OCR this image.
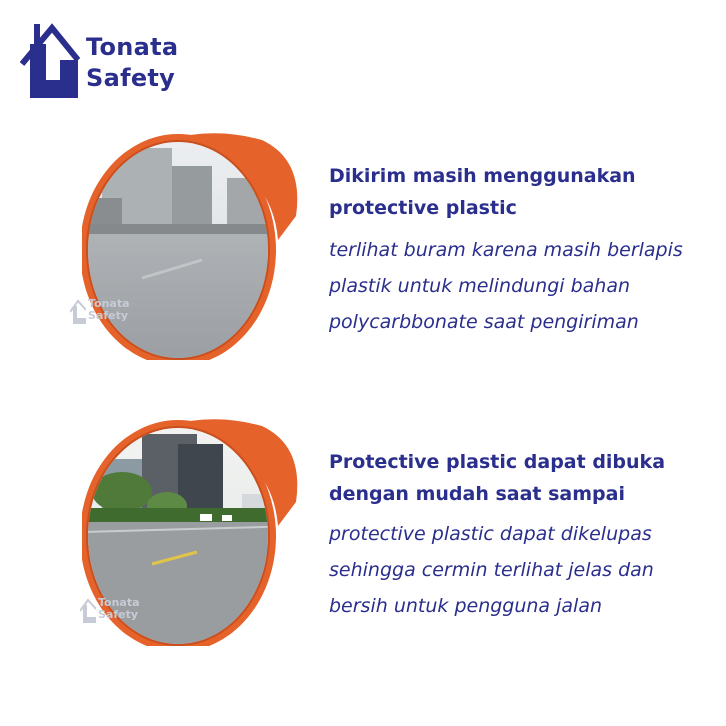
Tonata
Safety
Tonata
Safety
Tonata
Safety
Dikirim masih menggunakan
protective plastic

terlihat buram karena masih berlapis
plastik untuk melindungi bahan
polycarbbonate saat pengiriman

Protective plastic dapat dibuka
dengan mudah saat sampai

protective plastic dapat dikelupas
sehingga cermin terlihat jelas dan
bersih untuk pengguna jalan
